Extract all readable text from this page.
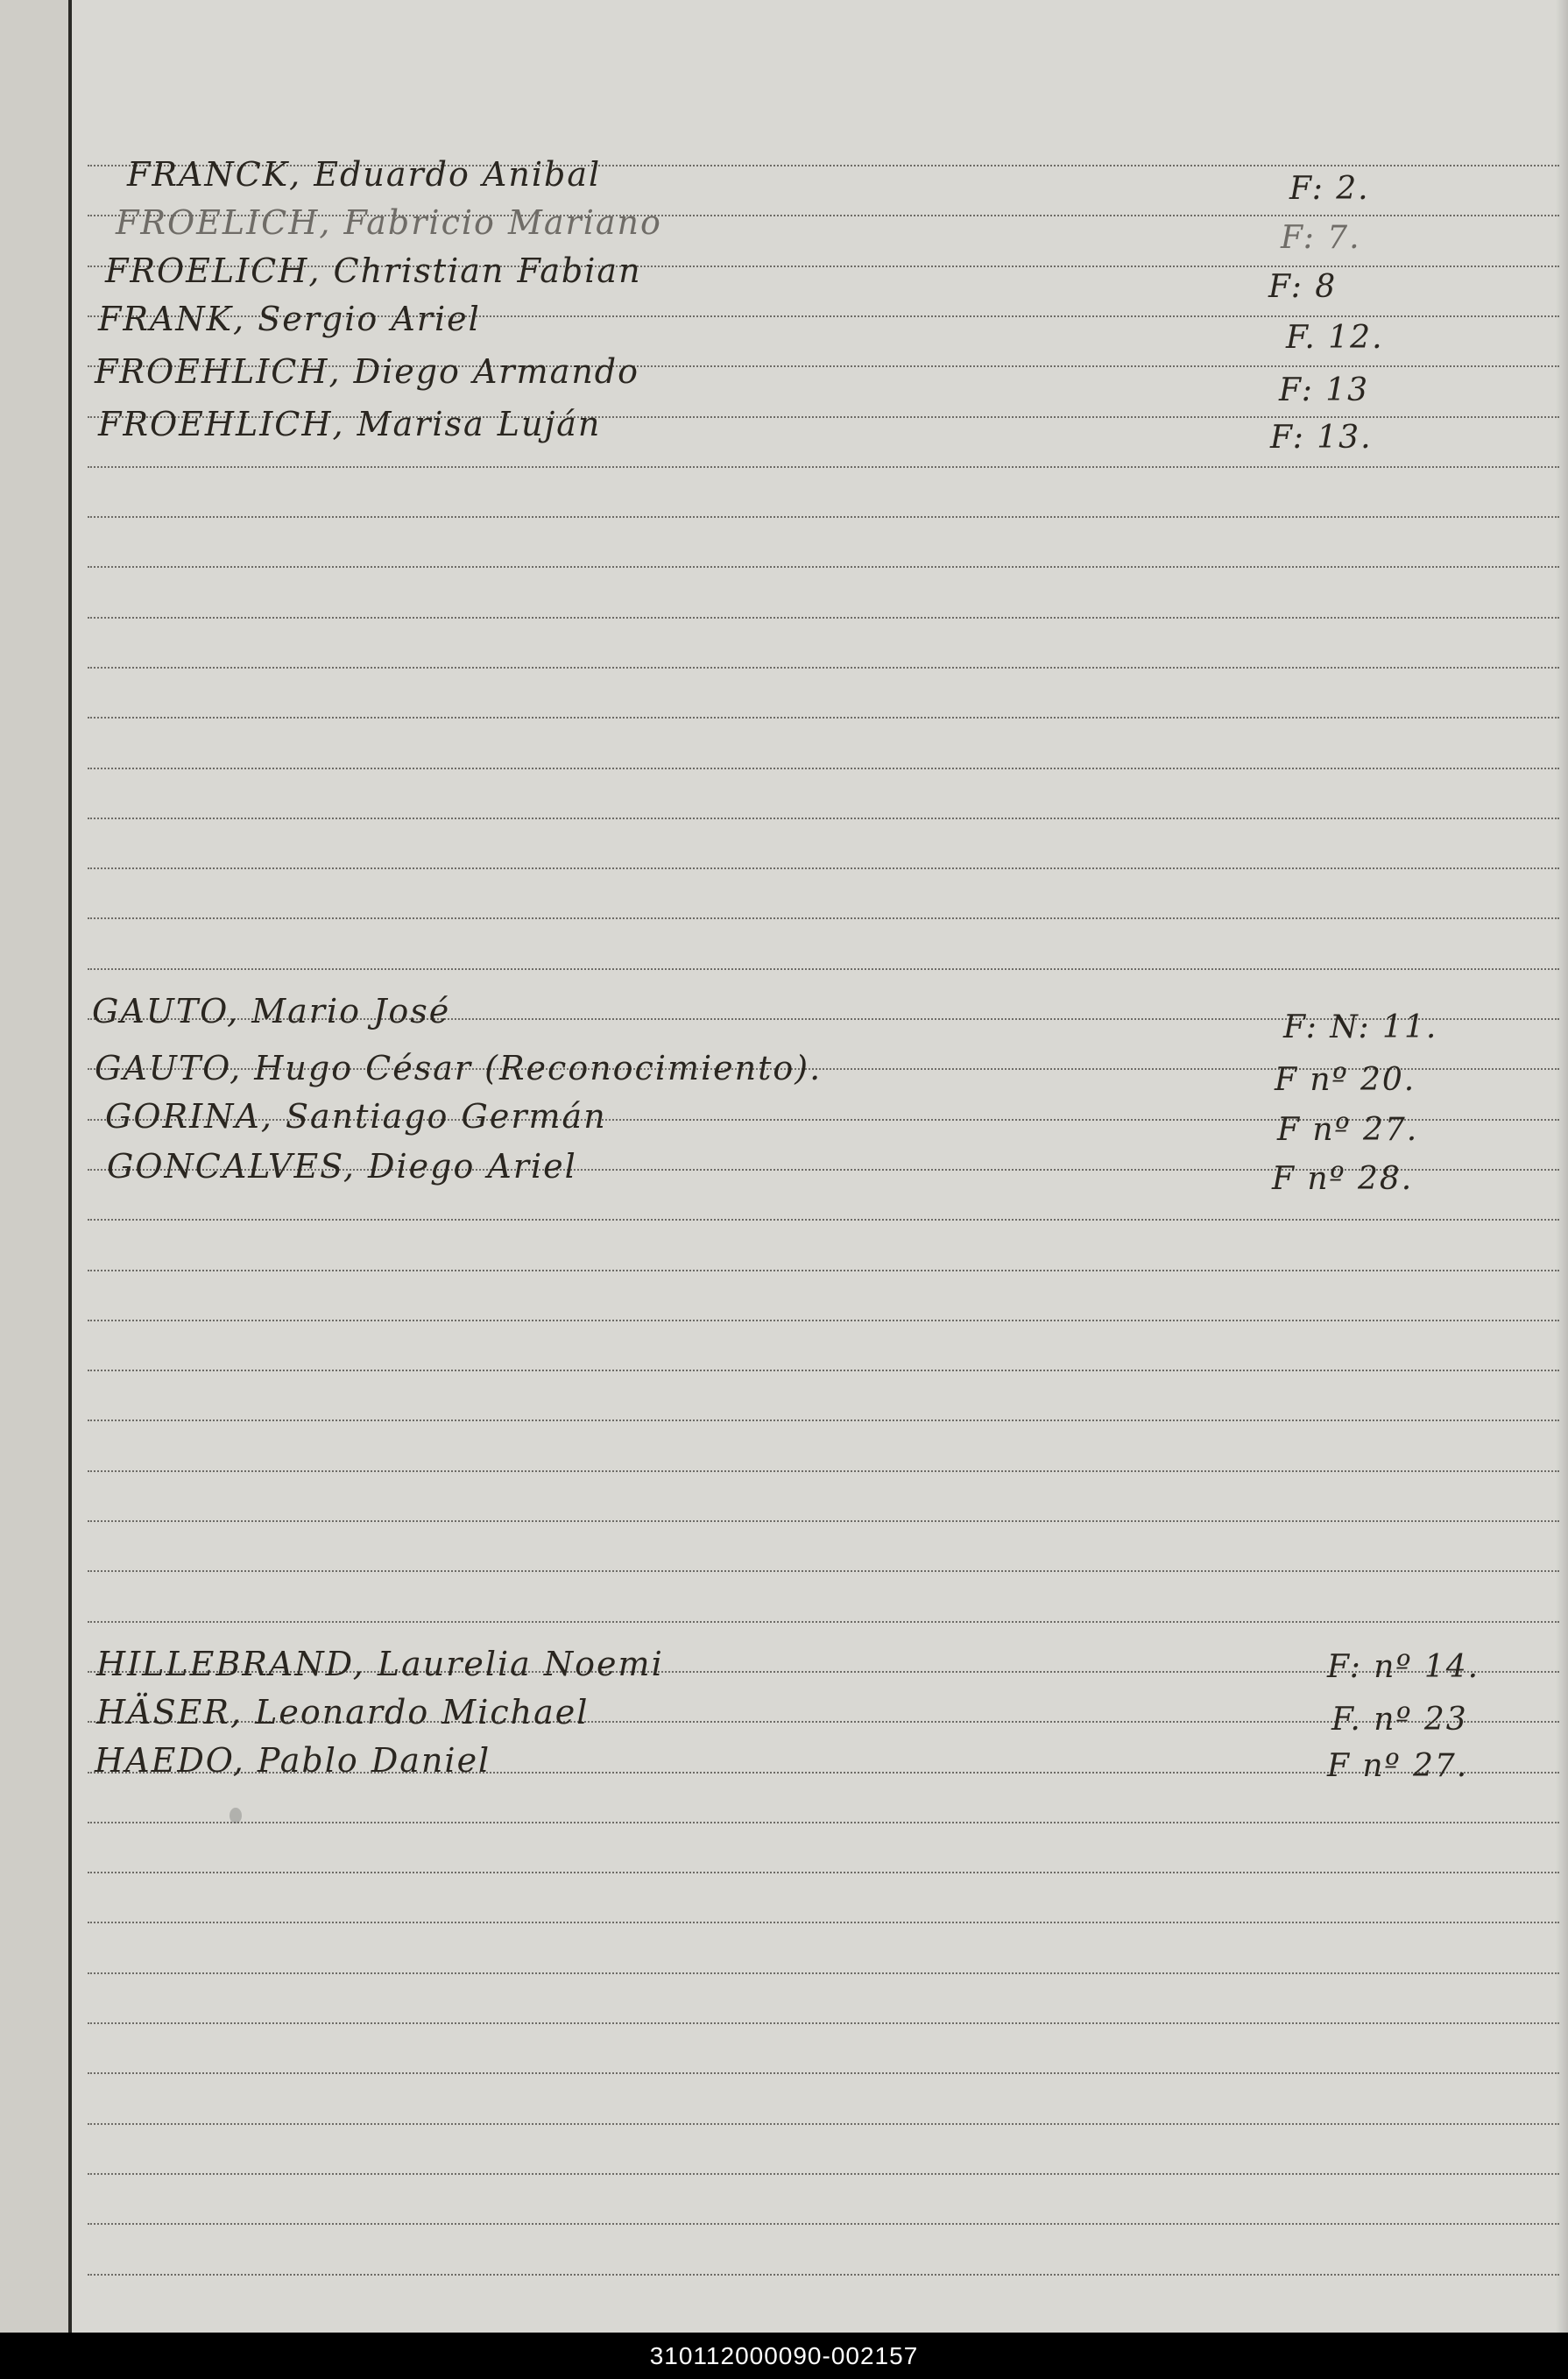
FRANCK, Eduardo Anibal	F: 2.
FROELICH, Fabricio Mariano	F: 7.
FROELICH, Christian Fabian	F: 8
FRANK, Sergio Ariel	F. 12.
FROEHLICH, Diego Armando	F: 13
FROEHLICH, Marisa Luján	F: 13.
GAUTO, Mario José	F: N: 11.
GAUTO, Hugo César (Reconocimiento).	F nº 20.
GORINA, Santiago Germán	F nº 27.
GONCALVES, Diego Ariel	F nº 28.
HILLEBRAND, Laurelia Noemi	F: nº 14.
HÄSER, Leonardo Michael	F. nº 23
HAEDO, Pablo Daniel	F nº 27.
310112000090-002157
